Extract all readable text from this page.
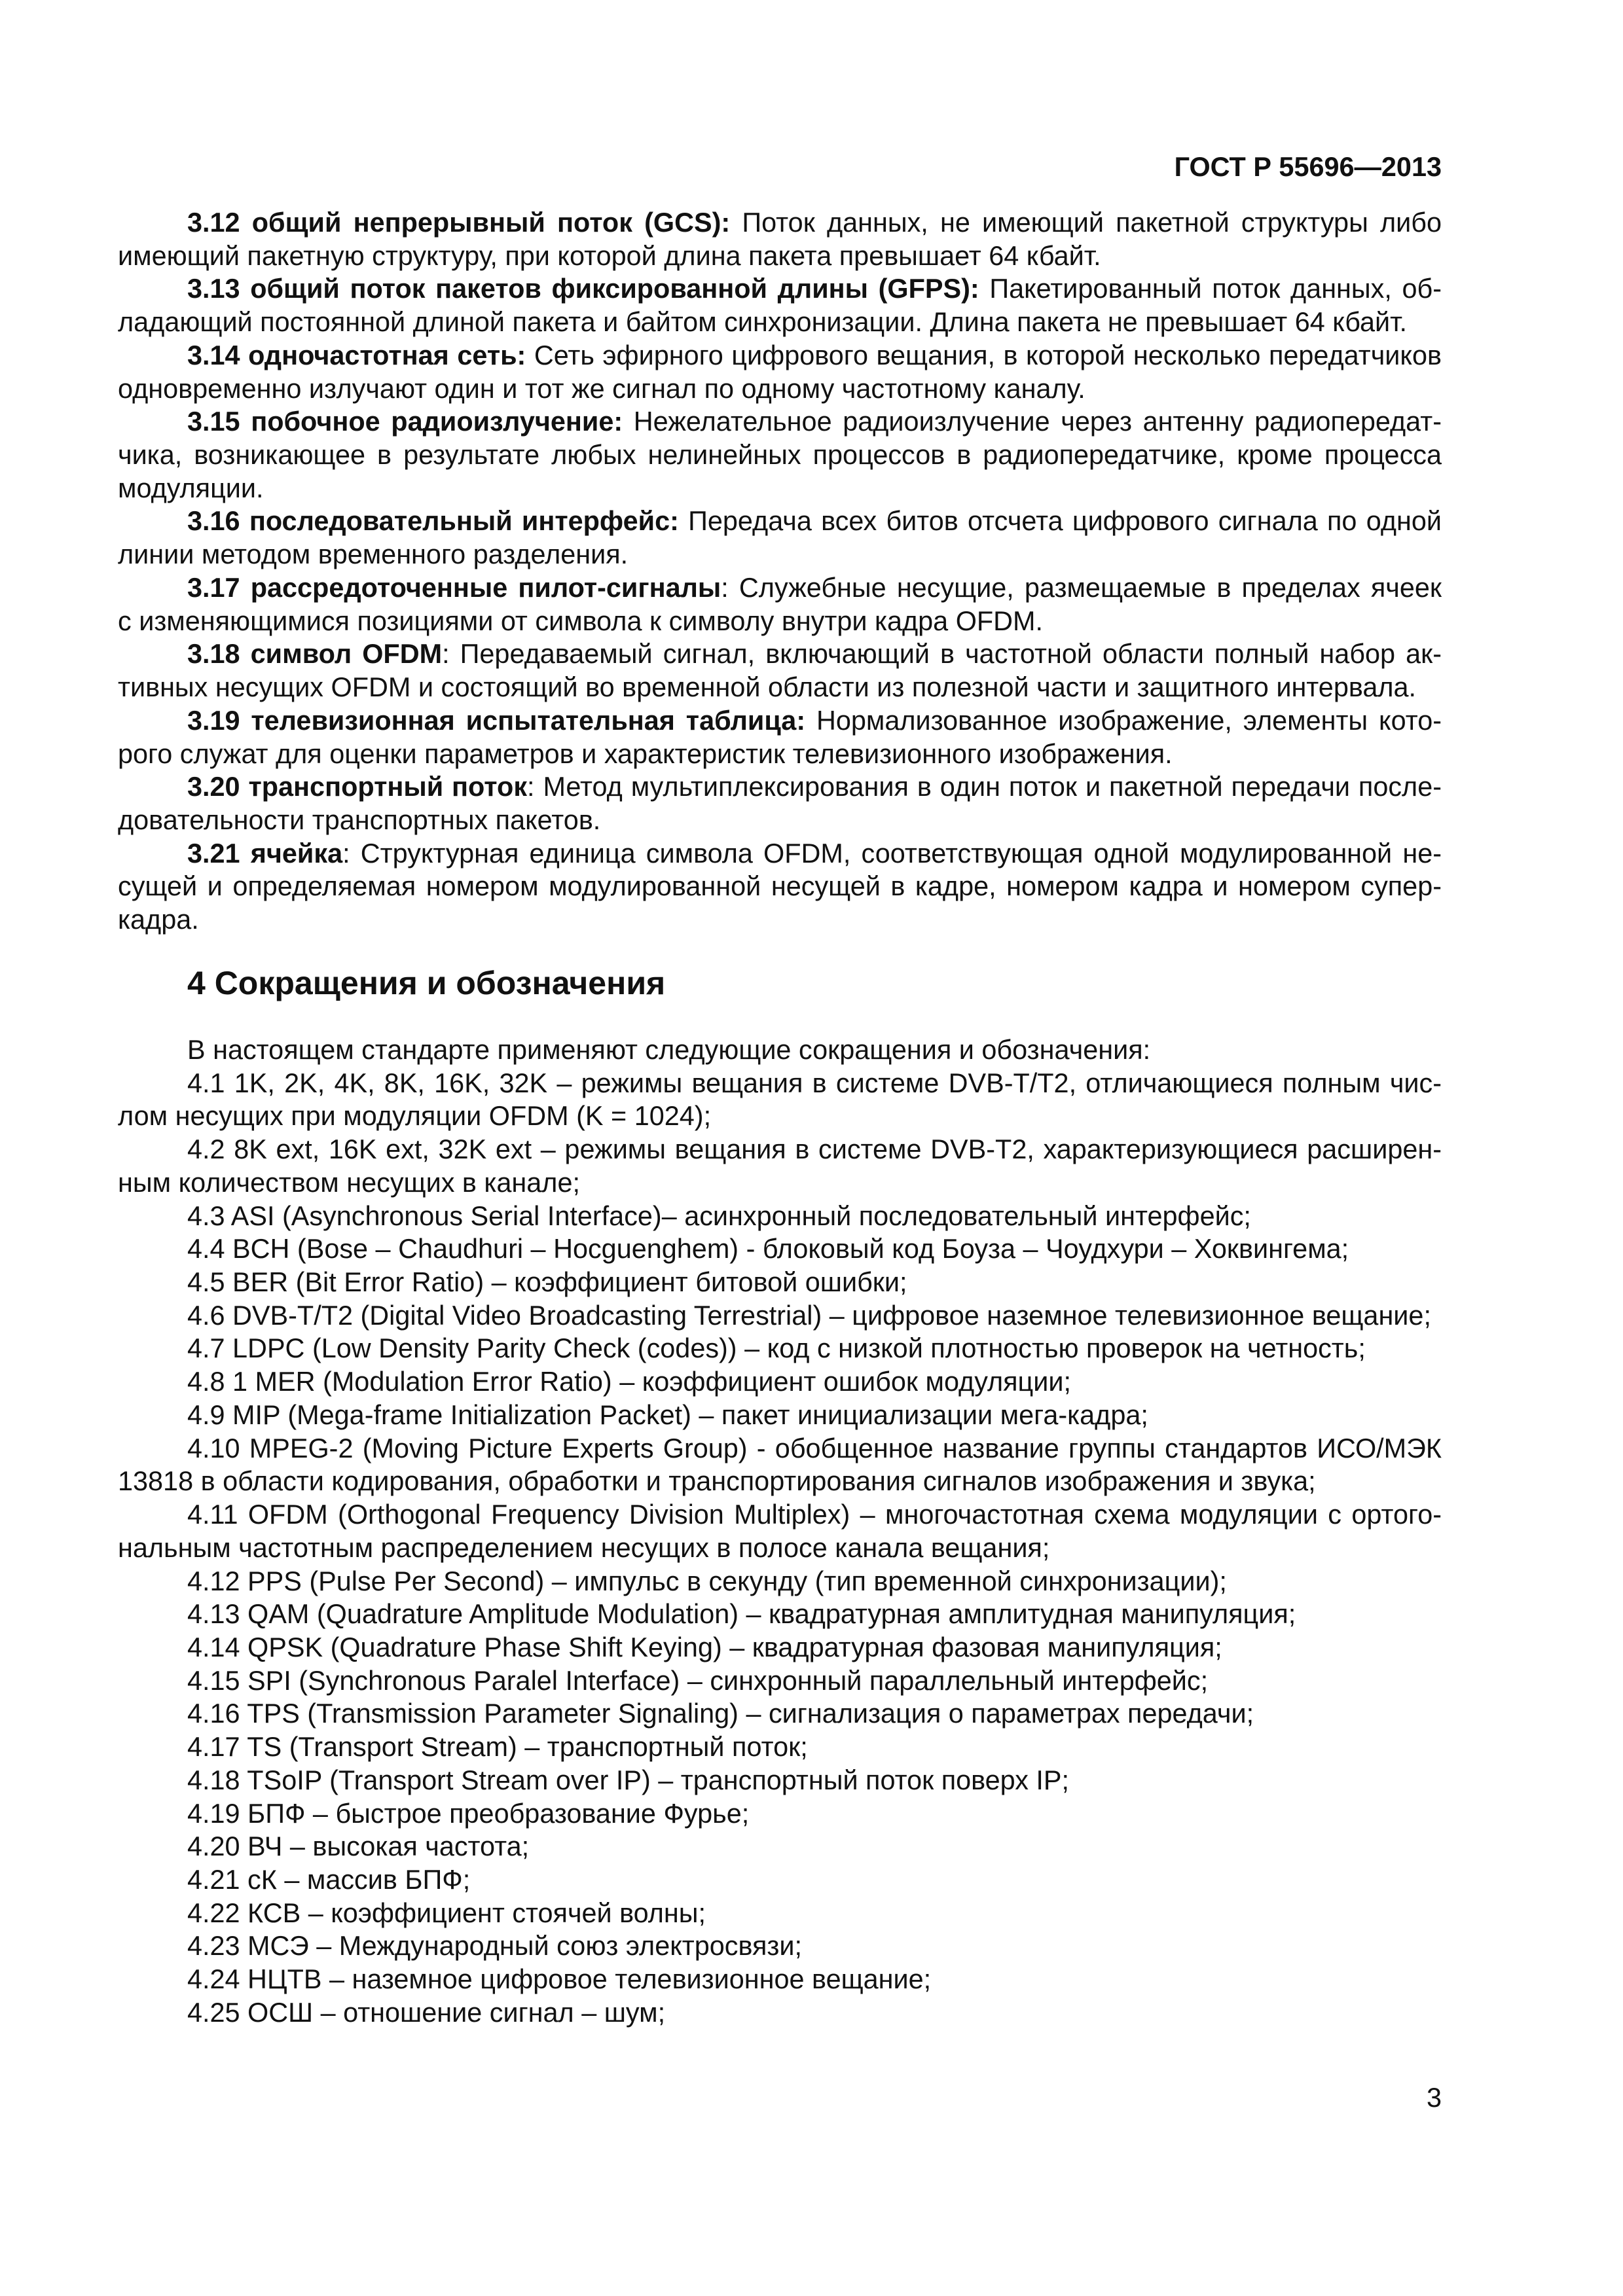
ГОСТ Р 55696—2013
3.12 общий непрерывный поток (GCS): Поток данных, не имеющий пакетной структуры либо
имеющий пакетную структуру, при которой длина пакета превышает 64 кбайт.
3.13 общий поток пакетов фиксированной длины (GFPS): Пакетированный поток данных, об-
ладающий постоянной длиной пакета и байтом синхронизации. Длина пакета не превышает 64 кбайт.
3.14 одночастотная сеть: Сеть эфирного цифрового вещания, в которой несколько передатчиков
одновременно излучают один и тот же сигнал по одному частотному каналу.
3.15 побочное радиоизлучение: Нежелательное радиоизлучение через антенну радиопередат-
чика, возникающее в результате любых нелинейных процессов в радиопередатчике, кроме процесса
модуляции.
3.16 последовательный интерфейс: Передача всех битов отсчета цифрового сигнала по одной
линии методом временного разделения.
3.17 рассредоточенные пилот-сигналы: Служебные несущие, размещаемые в пределах ячеек
с изменяющимися позициями от символа к символу внутри кадра OFDM.
3.18 символ OFDM: Передаваемый сигнал, включающий в частотной области полный набор ак-
тивных несущих OFDM и состоящий во временной области из полезной части и защитного интервала.
3.19 телевизионная испытательная таблица: Нормализованное изображение, элементы кото-
рого служат для оценки параметров и характеристик телевизионного изображения.
3.20 транспортный поток: Метод мультиплексирования в один поток и пакетной передачи после-
довательности транспортных пакетов.
3.21 ячейка: Структурная единица символа OFDM, соответствующая одной модулированной не-
сущей и определяемая номером модулированной несущей в кадре, номером кадра и номером супер-
кадра.
4 Сокращения и обозначения
В настоящем стандарте применяют следующие сокращения и обозначения:
4.1 1K, 2K, 4K, 8K, 16K, 32K – режимы вещания в системе DVB-T/T2, отличающиеся полным чис-
лом несущих при модуляции OFDM (K = 1024);
4.2 8K ext, 16K ext, 32K ext – режимы вещания в системе DVB-T2, характеризующиеся расширен-
ным количеством несущих в канале;
4.3 ASI (Asynchronous Serial Interface)– асинхронный последовательный интерфейс;
4.4 BCH (Bose – Chaudhuri – Hocguenghem) - блоковый код Боуза – Чоудхури – Хоквингема;
4.5 BER (Bit Error Ratio) – коэффициент битовой ошибки;
4.6 DVB-T/T2 (Digital Video Broadcasting Terrestrial) – цифровое наземное телевизионное вещание;
4.7 LDPC (Low Density Parity Check (codes)) – код с низкой плотностью проверок на четность;
4.8 1 MER (Modulation Error Ratio) – коэффициент ошибок модуляции;
4.9 MIP (Mega-frame Initialization Packet) – пакет инициализации мега-кадра;
4.10 MPEG-2 (Moving Picture Experts Group) - обобщенное название группы стандартов ИСО/МЭК
13818 в области кодирования, обработки и транспортирования сигналов изображения и звука;
4.11 OFDM (Orthogonal Frequency Division Multiplex) – многочастотная схема модуляции с ортого-
нальным частотным распределением несущих в полосе канала вещания;
4.12 PPS (Pulse Per Second) – импульс в секунду (тип временной синхронизации);
4.13 QAM (Quadrature Amplitude Modulation) – квадратурная амплитудная манипуляция;
4.14 QPSK (Quadrature Phase Shift Keying) – квадратурная фазовая манипуляция;
4.15 SPI (Synchronous Paralel Interface) – синхронный параллельный интерфейс;
4.16 TPS (Transmission Parameter Signaling) – сигнализация о параметрах передачи;
4.17 TS (Transport Stream) – транспортный поток;
4.18 TSoIP (Transport Stream over IP) – транспортный поток поверх IP;
4.19 БПФ – быстрое преобразование Фурье;
4.20 ВЧ – высокая частота;
4.21 сК – массив БПФ;
4.22 КСВ – коэффициент стоячей волны;
4.23 МСЭ – Международный союз электросвязи;
4.24 НЦТВ – наземное цифровое телевизионное вещание;
4.25 ОСШ – отношение сигнал – шум;
3
